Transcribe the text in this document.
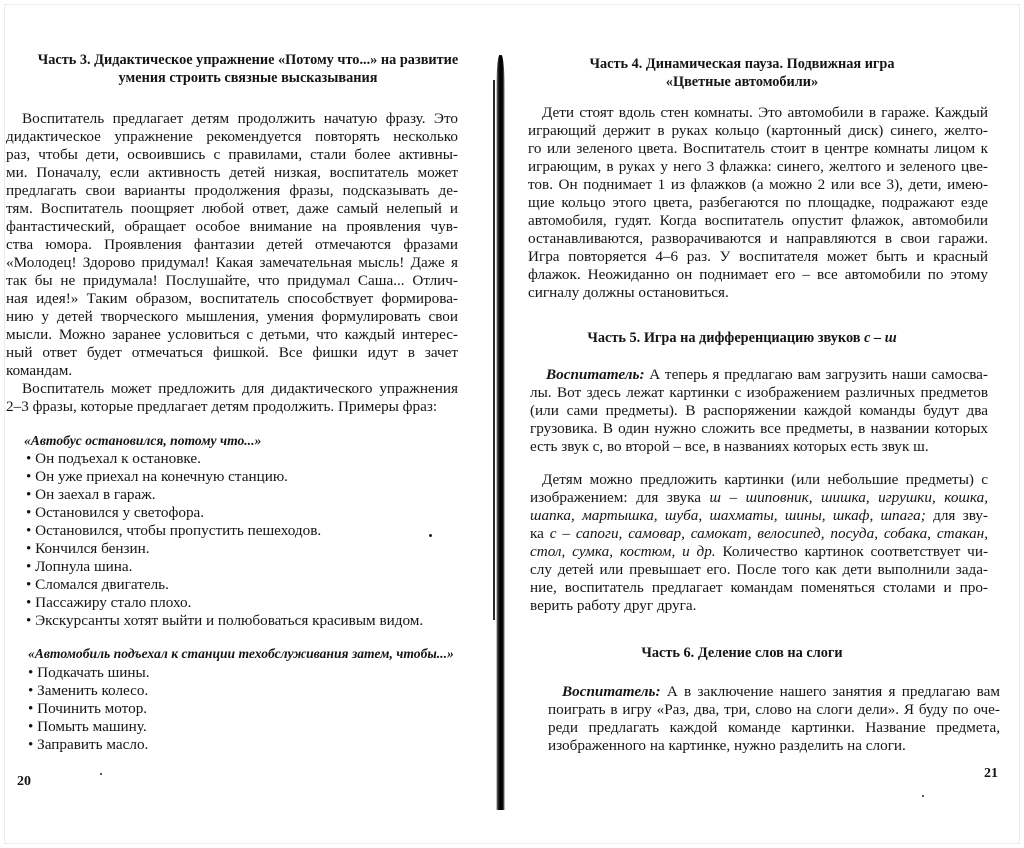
Часть 3. Дидактическое упражнение «Потому что...» на развитие
умения строить связные высказывания
Воспитатель предлагает детям продолжить начатую фразу. Это
дидактическое упражнение рекомендуется повторять несколько
раз, чтобы дети, освоившись с правилами, стали более активны-
ми. Поначалу, если активность детей низкая, воспитатель может
предлагать свои варианты продолжения фразы, подсказывать де-
тям. Воспитатель поощряет любой ответ, даже самый нелепый и
фантастический, обращает особое внимание на проявления чув-
ства юмора. Проявления фантазии детей отмечаются фразами
«Молодец! Здорово придумал! Какая замечательная мысль! Даже я
так бы не придумала! Послушайте, что придумал Саша... Отлич-
ная идея!» Таким образом, воспитатель способствует формирова-
нию у детей творческого мышления, умения формулировать свои
мысли. Можно заранее условиться с детьми, что каждый интерес-
ный ответ будет отмечаться фишкой. Все фишки идут в зачет
командам.
Воспитатель может предложить для дидактического упражнения
2–3 фразы, которые предлагает детям продолжить. Примеры фраз:
«Автобус остановился, потому что...»
• Он подъехал к остановке.
• Он уже приехал на конечную станцию.
• Он заехал в гараж.
• Остановился у светофора.
• Остановился, чтобы пропустить пешеходов.
• Кончился бензин.
• Лопнула шина.
• Сломался двигатель.
• Пассажиру стало плохо.
• Экскурсанты хотят выйти и полюбоваться красивым видом.
«Автомобиль подъехал к станции техобслуживания затем, чтобы...»
• Подкачать шины.
• Заменить колесо.
• Починить мотор.
• Помыть машину.
• Заправить масло.
20
Часть 4. Динамическая пауза. Подвижная игра
«Цветные автомобили»
Дети стоят вдоль стен комнаты. Это автомобили в гараже. Каждый
играющий держит в руках кольцо (картонный диск) синего, желто-
го или зеленого цвета. Воспитатель стоит в центре комнаты лицом к
играющим, в руках у него 3 флажка: синего, желтого и зеленого цве-
тов. Он поднимает 1 из флажков (а можно 2 или все 3), дети, имею-
щие кольцо этого цвета, разбегаются по площадке, подражают езде
автомобиля, гудят. Когда воспитатель опустит флажок, автомобили
останавливаются, разворачиваются и направляются в свои гаражи.
Игра повторяется 4–6 раз. У воспитателя может быть и красный
флажок. Неожиданно он поднимает его – все автомобили по этому
сигналу должны остановиться.
Часть 5. Игра на дифференциацию звуков с – ш
Воспитатель: А теперь я предлагаю вам загрузить наши самосва-
лы. Вот здесь лежат картинки с изображением различных предметов
(или сами предметы). В распоряжении каждой команды будут два
грузовика. В один нужно сложить все предметы, в названии которых
есть звук с, во второй – все, в названиях которых есть звук ш.
Детям можно предложить картинки (или небольшие предметы) с
изображением: для звука ш – шиповник, шишка, игрушки, кошка,
шапка, мартышка, шуба, шахматы, шины, шкаф, шпага; для зву-
ка с – сапоги, самовар, самокат, велосипед, посуда, собака, стакан,
стол, сумка, костюм, и др. Количество картинок соответствует чи-
слу детей или превышает его. После того как дети выполнили зада-
ние, воспитатель предлагает командам поменяться столами и про-
верить работу друг друга.
Часть 6. Деление слов на слоги
Воспитатель: А в заключение нашего занятия я предлагаю вам
поиграть в игру «Раз, два, три, слово на слоги дели». Я буду по оче-
реди предлагать каждой команде картинки. Название предмета,
изображенного на картинке, нужно разделить на слоги.
21
